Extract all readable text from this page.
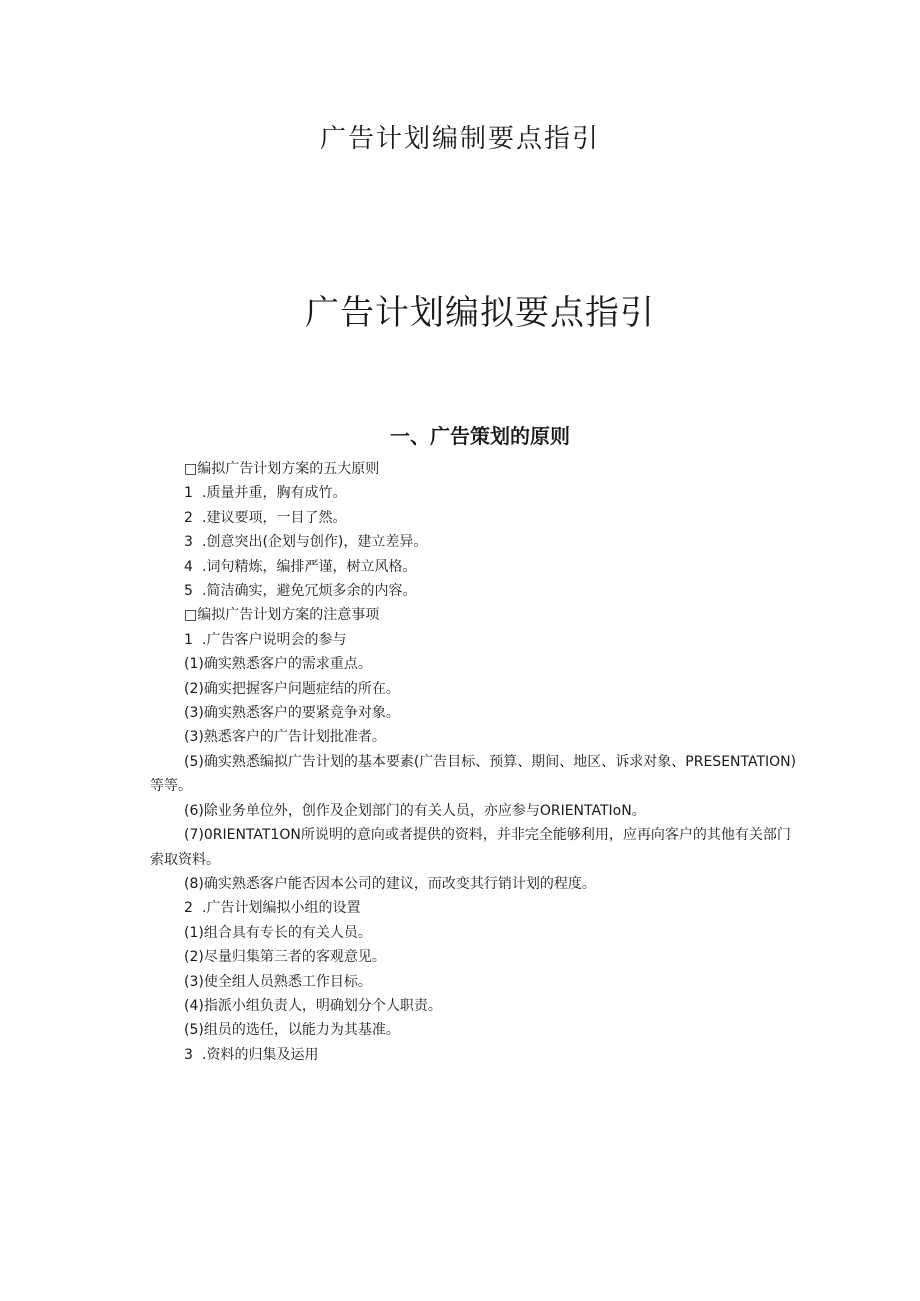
广告计划编制要点指引
广告计划编拟要点指引
一、广告策划的原则

□编拟广告计划方案的五大原则

1 .质量并重，胸有成竹。

2 .建议要项，一目了然。

3 .创意突出(企划与创作)，建立差异。

4 .词句精炼，编排严谨，树立风格。

5 .简洁确实，避免冗烦多余的内容。

□编拟广告计划方案的注意事项

1 .广告客户说明会的参与

(1)确实熟悉客户的需求重点。

(2)确实把握客户问题症结的所在。

(3)确实熟悉客户的要紧竞争对象。

(3)熟悉客户的广告计划批准者。

(5)确实熟悉编拟广告计划的基本要素(广告目标、预算、期间、地区、诉求对象、PRESENTATION)等等。

(6)除业务单位外，创作及企划部门的有关人员，亦应参与ORIENTATIoN。

(7)0RIENTAT1ON所说明的意向或者提供的资料，并非完全能够利用，应再向客户的其他有关部门索取资料。

(8)确实熟悉客户能否因本公司的建议，而改变其行销计划的程度。

2 .广告计划编拟小组的设置

(1)组合具有专长的有关人员。

(2)尽量归集第三者的客观意见。

(3)使全组人员熟悉工作目标。

(4)指派小组负责人，明确划分个人职责。

(5)组员的选任，以能力为其基准。

3 .资料的归集及运用
